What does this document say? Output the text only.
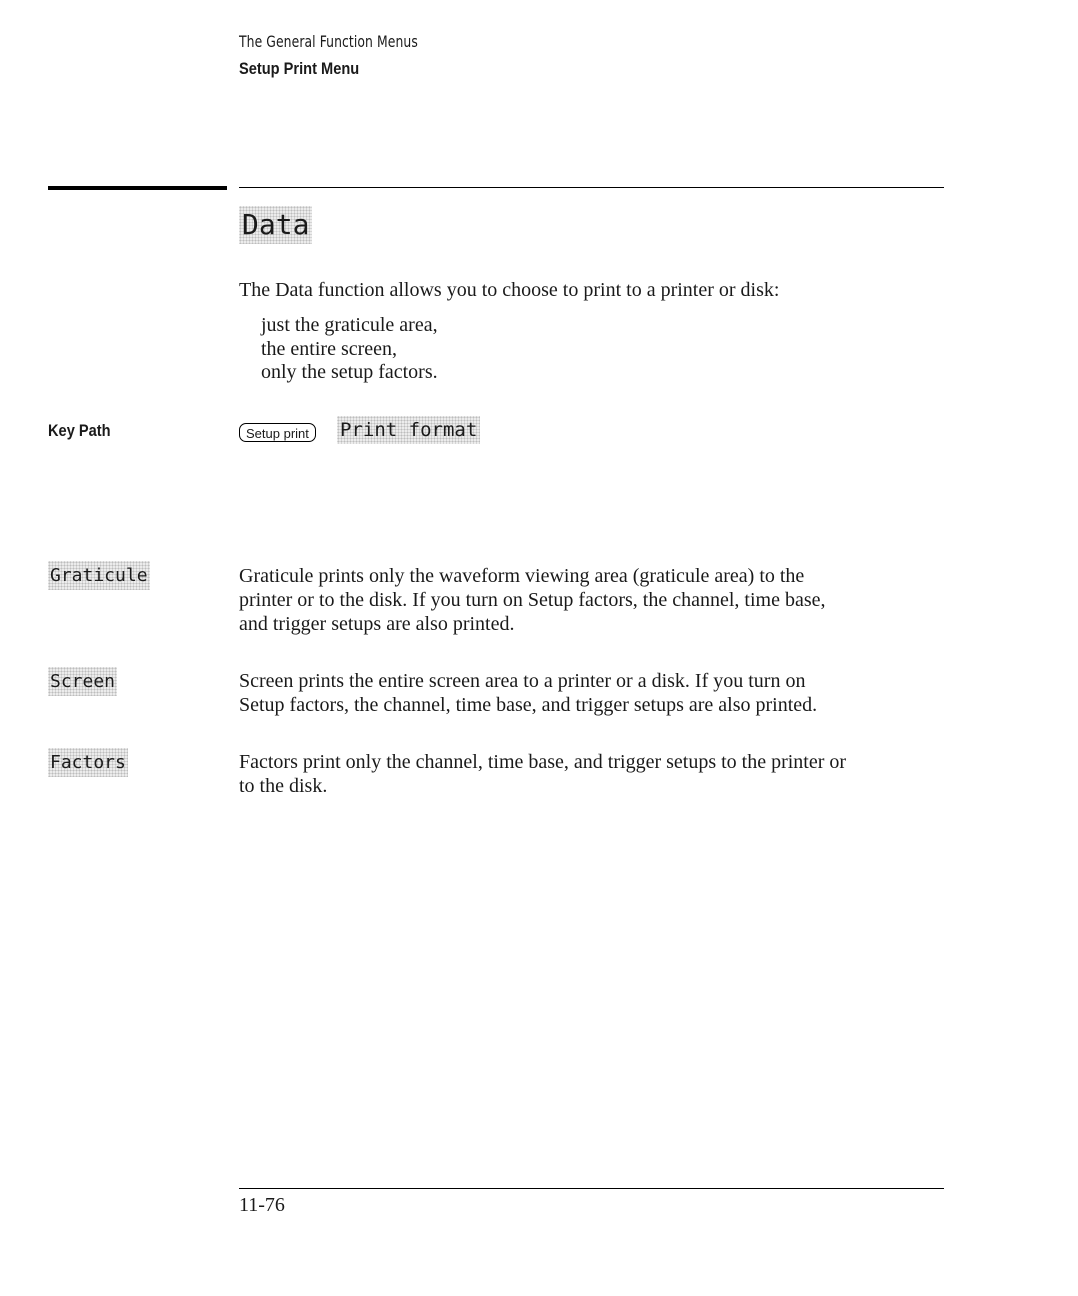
The General Function Menus
Setup Print Menu
Data
The Data function allows you to choose to print to a printer or disk:
just the graticule area,
the entire screen,
only the setup factors.
Key Path	Setup print	Print format
Graticule	Graticule prints only the waveform viewing area (graticule area) to the
printer or to the disk. If you turn on Setup factors, the channel, time base,
and trigger setups are also printed.
Screen	Screen prints the entire screen area to a printer or a disk. If you turn on
Setup factors, the channel, time base, and trigger setups are also printed.
Factors	Factors print only the channel, time base, and trigger setups to the printer or
to the disk.
11-76
